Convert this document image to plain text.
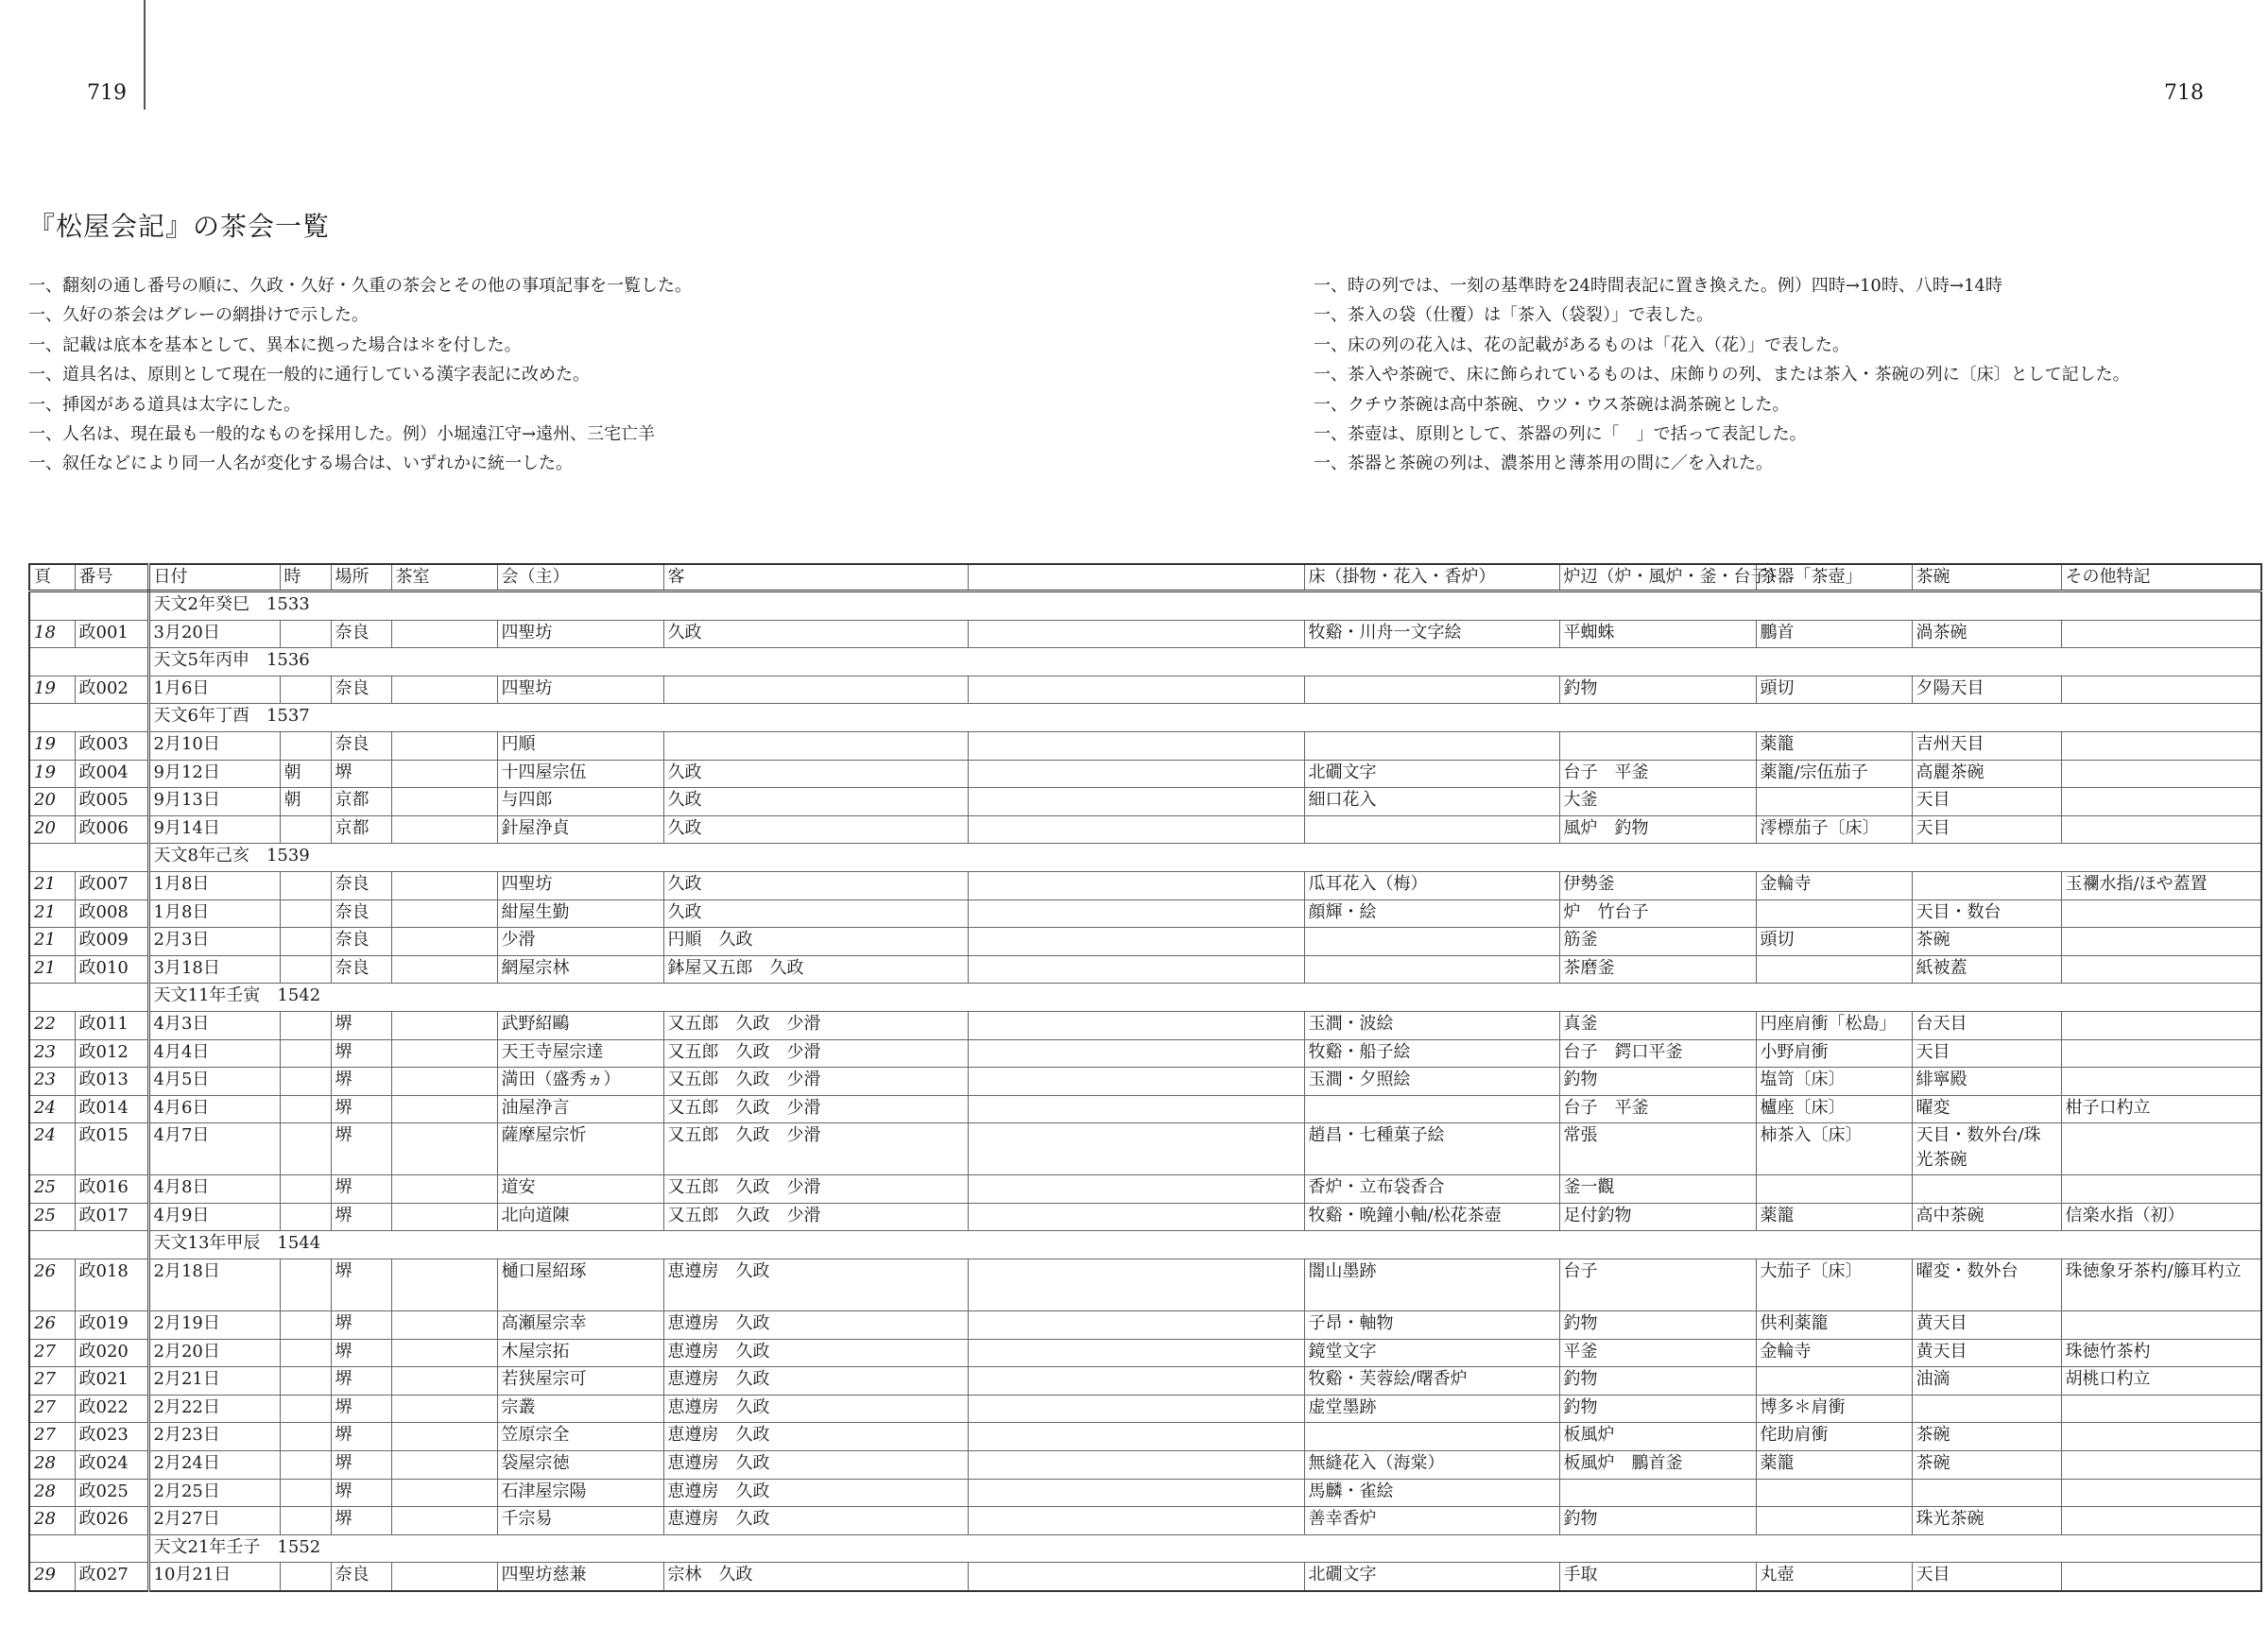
719	718
『松屋会記』の茶会一覧
一、翻刻の通し番号の順に、久政・久好・久重の茶会とその他の事項記事を一覧した。
一、久好の茶会はグレーの網掛けで示した。
一、記載は底本を基本として、異本に拠った場合は＊を付した。
一、道具名は、原則として現在一般的に通行している漢字表記に改めた。
一、挿図がある道具は太字にした。
一、人名は、現在最も一般的なものを採用した。例）小堀遠江守→遠州、三宅亡羊
一、叙任などにより同一人名が変化する場合は、いずれかに統一した。
一、時の列では、一刻の基準時を24時間表記に置き換えた。例）四時→10時、八時→14時
一、茶入の袋（仕覆）は「茶入（袋裂）」で表した。
一、床の列の花入は、花の記載があるものは「花入（花）」で表した。
一、茶入や茶碗で、床に飾られているものは、床飾りの列、または茶入・茶碗の列に〔床〕として記した。
一、クチウ茶碗は高中茶碗、ウツ・ウス茶碗は渦茶碗とした。
一、茶壺は、原則として、茶器の列に「　」で括って表記した。
一、茶器と茶碗の列は、濃茶用と薄茶用の間に／を入れた。
頁	番号	日付	時	場所	茶室	会（主）	客		床（掛物・花入・香炉）	炉辺（炉・風炉・釜・台子）	茶器「茶壺」	茶碗	その他特記
		天文2年癸巳　1533											
18	政001	3月20日		奈良		四聖坊	久政		牧谿・川舟一文字絵	平蜘蛛	鵬首	渦茶碗	
		天文5年丙申　1536											
19	政002	1月6日		奈良		四聖坊				釣物	頭切	夕陽天目	
		天文6年丁酉　1537											
19	政003	2月10日		奈良		円順					薬籠	吉州天目	
19	政004	9月12日	朝	堺		十四屋宗伍	久政		北礀文字	台子　平釜	薬籠/宗伍茄子	高麗茶碗	
20	政005	9月13日	朝	京都		与四郎	久政		細口花入	大釜		天目	
20	政006	9月14日		京都		針屋浄貞	久政			風炉　釣物	澪標茄子〔床〕	天目	
		天文8年己亥　1539											
21	政007	1月8日		奈良		四聖坊	久政		瓜耳花入（梅）	伊勢釜	金輪寺		玉襴水指/ほや蓋置
21	政008	1月8日		奈良		紺屋生勤	久政		顔輝・絵	炉　竹台子		天目・数台	
21	政009	2月3日		奈良		少滑	円順　久政			筋釜	頭切	茶碗	
21	政010	3月18日		奈良		網屋宗林	鉢屋又五郎　久政			茶磨釜		紙被蓋	
		天文11年壬寅　1542											
22	政011	4月3日		堺		武野紹鷗	又五郎　久政　少滑		玉澗・波絵	真釜	円座肩衝「松島」	台天目	
23	政012	4月4日		堺		天王寺屋宗達	又五郎　久政　少滑		牧谿・船子絵	台子　鍔口平釜	小野肩衝	天目	
23	政013	4月5日		堺		満田（盛秀ヵ）	又五郎　久政　少滑		玉澗・夕照絵	釣物	塩笥〔床〕	緋寧殿	
24	政014	4月6日		堺		油屋浄言	又五郎　久政　少滑			台子　平釜	櫨座〔床〕	曜変	柑子口杓立
24	政015	4月7日		堺		薩摩屋宗忻	又五郎　久政　少滑		趙昌・七種菓子絵	常張	柿茶入〔床〕	天目・数外台/珠光茶碗	
25	政016	4月8日		堺		道安	又五郎　久政　少滑		香炉・立布袋香合	釜一觀			
25	政017	4月9日		堺		北向道陳	又五郎　久政　少滑		牧谿・晩鐘小軸/松花茶壺	足付釣物	薬籠	高中茶碗	信楽水指（初）
		天文13年甲辰　1544											
26	政018	2月18日		堺		樋口屋紹琢	恵遵房　久政		闇山墨跡	台子	大茄子〔床〕	曜変・数外台	珠徳象牙茶杓/籐耳杓立
26	政019	2月19日		堺		高瀬屋宗幸	恵遵房　久政		子昂・軸物	釣物	供利薬籠	黄天目	
27	政020	2月20日		堺		木屋宗拓	恵遵房　久政		鏡堂文字	平釜	金輪寺	黄天目	珠徳竹茶杓
27	政021	2月21日		堺		若狭屋宗可	恵遵房　久政		牧谿・芙蓉絵/曙香炉	釣物		油滴	胡桃口杓立
27	政022	2月22日		堺		宗叢	恵遵房　久政		虚堂墨跡	釣物	博多＊肩衝		
27	政023	2月23日		堺		笠原宗全	恵遵房　久政			板風炉	侘助肩衝	茶碗	
28	政024	2月24日		堺		袋屋宗徳	恵遵房　久政		無縫花入（海棠）	板風炉　鵬首釜	薬籠	茶碗	
28	政025	2月25日		堺		石津屋宗陽	恵遵房　久政		馬麟・雀絵				
28	政026	2月27日		堺		千宗易	恵遵房　久政		善幸香炉	釣物		珠光茶碗	
		天文21年壬子　1552											
29	政027	10月21日		奈良		四聖坊慈兼	宗林　久政		北礀文字	手取	丸壺	天目	
